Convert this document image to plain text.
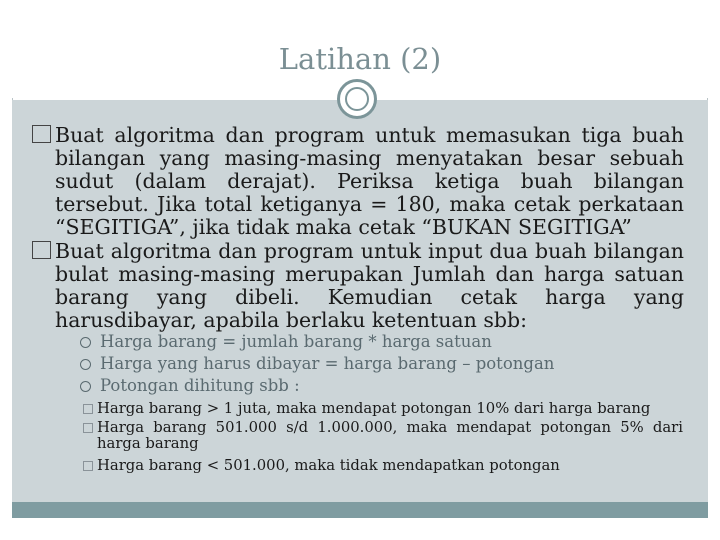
Latihan (2)
Buat algoritma dan program untuk memasukan tiga buah bilangan yang masing-masing menyatakan besar sebuah sudut (dalam derajat). Periksa ketiga buah bilangan tersebut. Jika total ketiganya = 180, maka cetak perkataan “SEGITIGA”, jika tidak maka cetak “BUKAN SEGITIGA”
Buat algoritma dan program untuk input dua buah bilangan bulat masing-masing merupakan Jumlah dan harga satuan barang yang dibeli. Kemudian cetak harga yang harusdibayar, apabila berlaku ketentuan sbb:
Harga barang = jumlah barang * harga satuan
Harga yang harus dibayar = harga barang – potongan
Potongan dihitung sbb :
Harga barang > 1 juta, maka mendapat potongan 10% dari harga barang
Harga barang 501.000 s/d 1.000.000, maka mendapat potongan 5% dari harga barang
Harga barang < 501.000, maka tidak mendapatkan potongan
